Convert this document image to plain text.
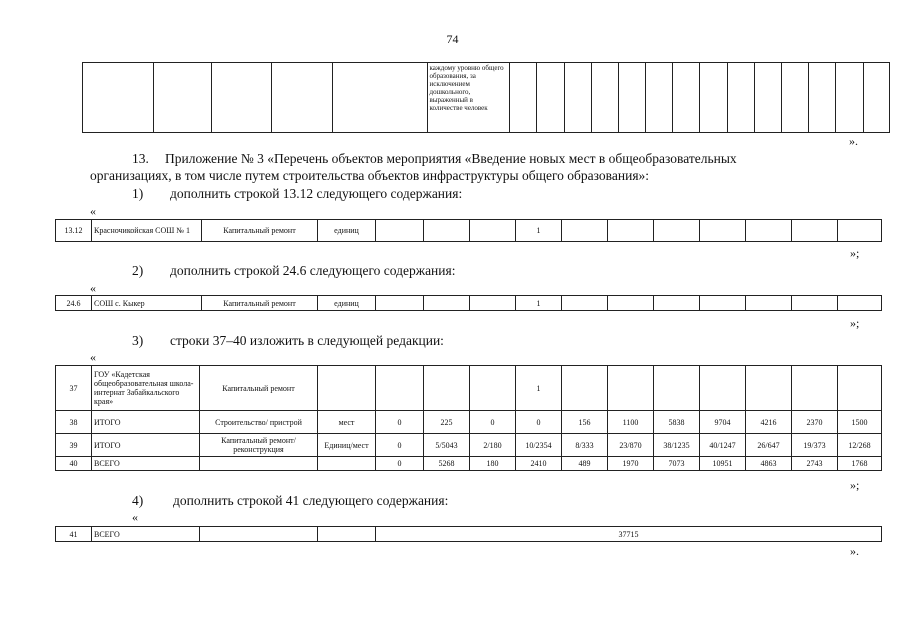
74
					каждому уровню общего образования, за исключением дошкольного, выраженный в количестве человек														
».
13.	Приложение № 3 «Перечень объектов мероприятия «Введение новых мест в общеобразовательных
организациях, в том числе путем строительства объектов инфраструктуры общего образования»:
1) дополнить строкой 13.12 следующего содержания:
«
13.12	Красночикойская СОШ № 1	Капитальный ремонт	единиц				1							
»;
2) дополнить строкой 24.6 следующего содержания:
«
24.6	СОШ с. Кыкер	Капитальный ремонт	единиц				1							
»;
3) строки 37–40 изложить в следующей редакции:
«
37	ГОУ «Кадетская общеобразовательная школа-интернат Забайкальского края»	Капитальный ремонт					1							
38	ИТОГО	Строительство/ пристрой	мест	0	225	0	0	156	1100	5838	9704	4216	2370	1500
39	ИТОГО	Капитальный ремонт/ реконструкция	Единиц/мест	0	5/5043	2/180	10/2354	8/333	23/870	38/1235	40/1247	26/647	19/373	12/268
40	ВСЕГО			0	5268	180	2410	489	1970	7073	10951	4863	2743	1768
»;
4) дополнить строкой 41 следующего содержания:
«
41	ВСЕГО			37715
».
